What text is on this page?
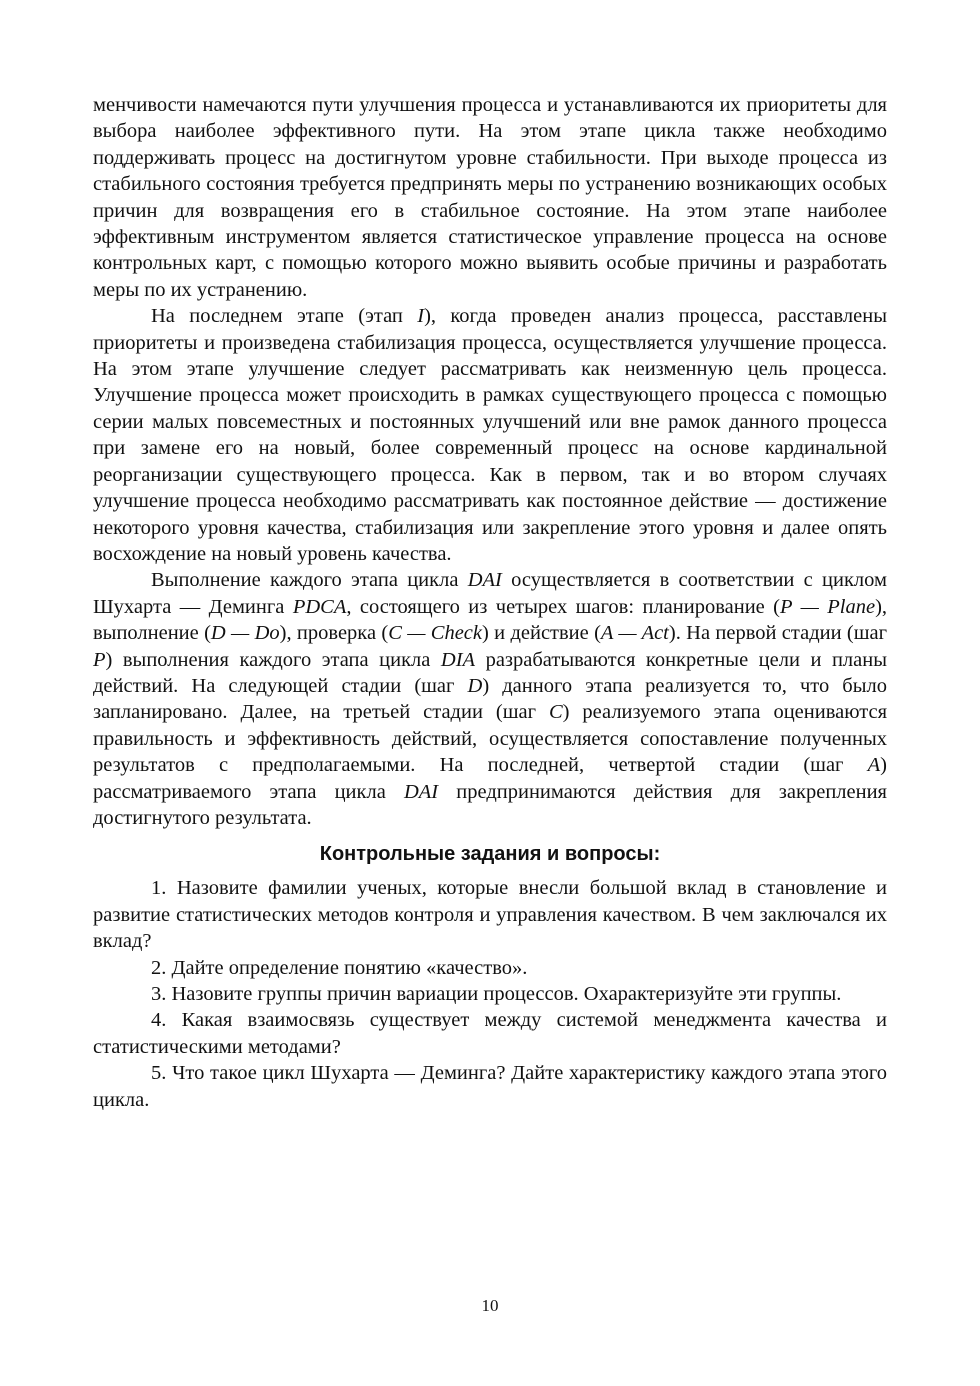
менчивости намечаются пути улучшения процесса и устанавливаются их приоритеты для выбора наиболее эффективного пути. На этом этапе цикла также необходимо поддерживать процесс на достигнутом уровне стабильности. При выходе процесса из стабильного состояния требуется предпринять меры по устранению возникающих особых причин для возвращения его в стабильное состояние. На этом этапе наиболее эффективным инструментом является статистическое управление процесса на основе контрольных карт, с помощью которого можно выявить особые причины и разработать меры по их устранению.

На последнем этапе (этап I), когда проведен анализ процесса, расставлены приоритеты и произведена стабилизация процесса, осуществляется улучшение процесса. На этом этапе улучшение следует рассматривать как неизменную цель процесса. Улучшение процесса может происходить в рамках существующего процесса с помощью серии малых повсеместных и постоянных улучшений или вне рамок данного процесса при замене его на новый, более современный процесс на основе кардинальной реорганизации существующего процесса. Как в первом, так и во втором случаях улучшение процесса необходимо рассматривать как постоянное действие — достижение некоторого уровня качества, стабилизация или закрепление этого уровня и далее опять восхождение на новый уровень качества.

Выполнение каждого этапа цикла DAI осуществляется в соответствии с циклом Шухарта — Деминга PDCA, состоящего из четырех шагов: планирование (P — Plane), выполнение (D — Do), проверка (C — Check) и действие (A — Act). На первой стадии (шаг P) выполнения каждого этапа цикла DIA разрабатываются конкретные цели и планы действий. На следующей стадии (шаг D) данного этапа реализуется то, что было запланировано. Далее, на третьей стадии (шаг C) реализуемого этапа оцениваются правильность и эффективность действий, осуществляется сопоставление полученных результатов с предполагаемыми. На последней, четвертой стадии (шаг A) рассматриваемого этапа цикла DAI предпринимаются действия для закрепления достигнутого результата.

Контрольные задания и вопросы:
1. Назовите фамилии ученых, которые внесли большой вклад в становление и развитие статистических методов контроля и управления качеством. В чем заключался их вклад?
2. Дайте определение понятию «качество».
3. Назовите группы причин вариации процессов. Охарактеризуйте эти группы.
4. Какая взаимосвязь существует между системой менеджмента качества и статистическими методами?
5. Что такое цикл Шухарта — Деминга? Дайте характеристику каждого этапа этого цикла.
10
